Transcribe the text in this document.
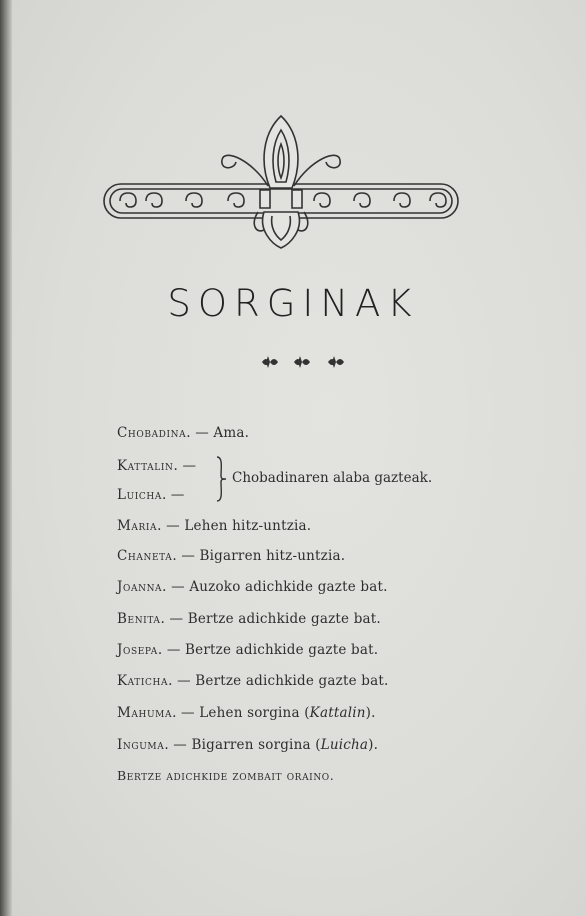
SORGINAK
Chobadina. — Ama.
Kattalin. —
Luicha. —
Chobadinaren alaba gazteak.
Maria. — Lehen hitz-untzia.
Chaneta. — Bigarren hitz-untzia.
Joanna. — Auzoko adichkide gazte bat.
Benita. — Bertze adichkide gazte bat.
Josepa. — Bertze adichkide gazte bat.
Katicha. — Bertze adichkide gazte bat.
Mahuma. — Lehen sorgina (Kattalin).
Inguma. — Bigarren sorgina (Luicha).
Bertze adichkide zombait oraino.
